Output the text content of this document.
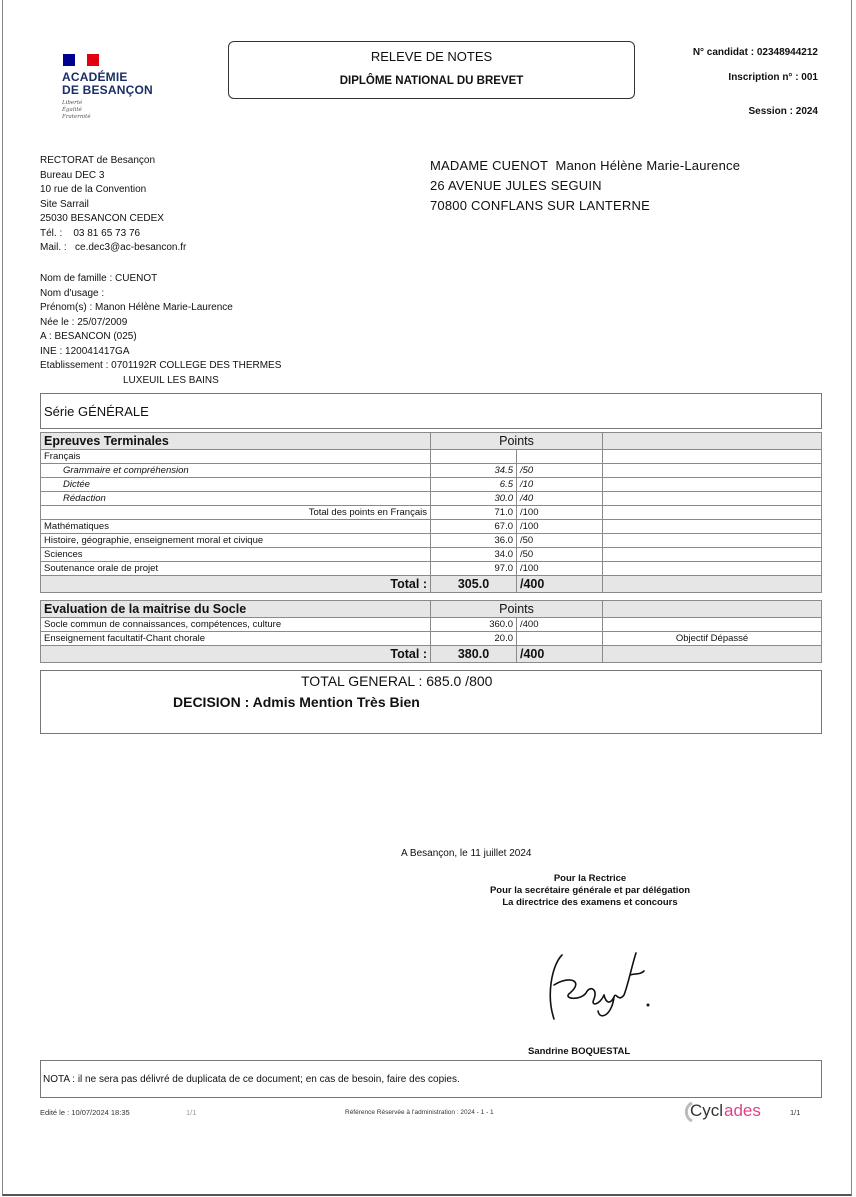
ACADÉMIE
DE BESANÇON
Liberté
Égalité
Fraternité
RELEVE DE NOTES
DIPLÔME NATIONAL DU BREVET
N° candidat : 02348944212
Inscription n° : 001
Session : 2024
RECTORAT de Besançon
Bureau DEC 3
10 rue de la Convention
Site Sarrail
25030 BESANCON CEDEX
Tél. :    03 81 65 73 76
Mail. :   ce.dec3@ac-besancon.fr
MADAME CUENOT  Manon Hélène Marie-Laurence
26 AVENUE JULES SEGUIN
70800 CONFLANS SUR LANTERNE
Nom de famille : CUENOT
Nom d'usage :
Prénom(s) : Manon Hélène Marie-Laurence
Née le : 25/07/2009
A : BESANCON (025)
INE : 120041417GA
Etablissement : 0701192R COLLEGE DES THERMES
LUXEUIL LES BAINS
Série GÉNÉRALE
Epreuves Terminales	Points		
Français			
Grammaire et compréhension	34.5	/50	
Dictée	6.5	/10	
Rédaction	30.0	/40	
Total des points en Français	71.0	/100	
Mathématiques	67.0	/100	
Histoire, géographie, enseignement moral et civique	36.0	/50	
Sciences	34.0	/50	
Soutenance orale de projet	97.0	/100	
Total :	305.0	/400	
Evaluation de la maitrise du Socle	Points		
Socle commun de connaissances, compétences, culture	360.0	/400	
Enseignement facultatif-Chant chorale	20.0		Objectif Dépassé
Total :	380.0	/400	
TOTAL GENERAL : 685.0 /800
DECISION : Admis Mention Très Bien
A Besançon, le 11 juillet 2024
Pour la Rectrice
Pour la secrétaire générale et par délégation
La directrice des examens et concours
Sandrine BOQUESTAL
NOTA : il ne sera pas délivré de duplicata de ce document; en cas de besoin, faire des copies.
Edité le : 10/07/2024 18:35	1/1	Référence Réservée à l'administration : 2024 - 1 - 1	Cycl ades	1/1
